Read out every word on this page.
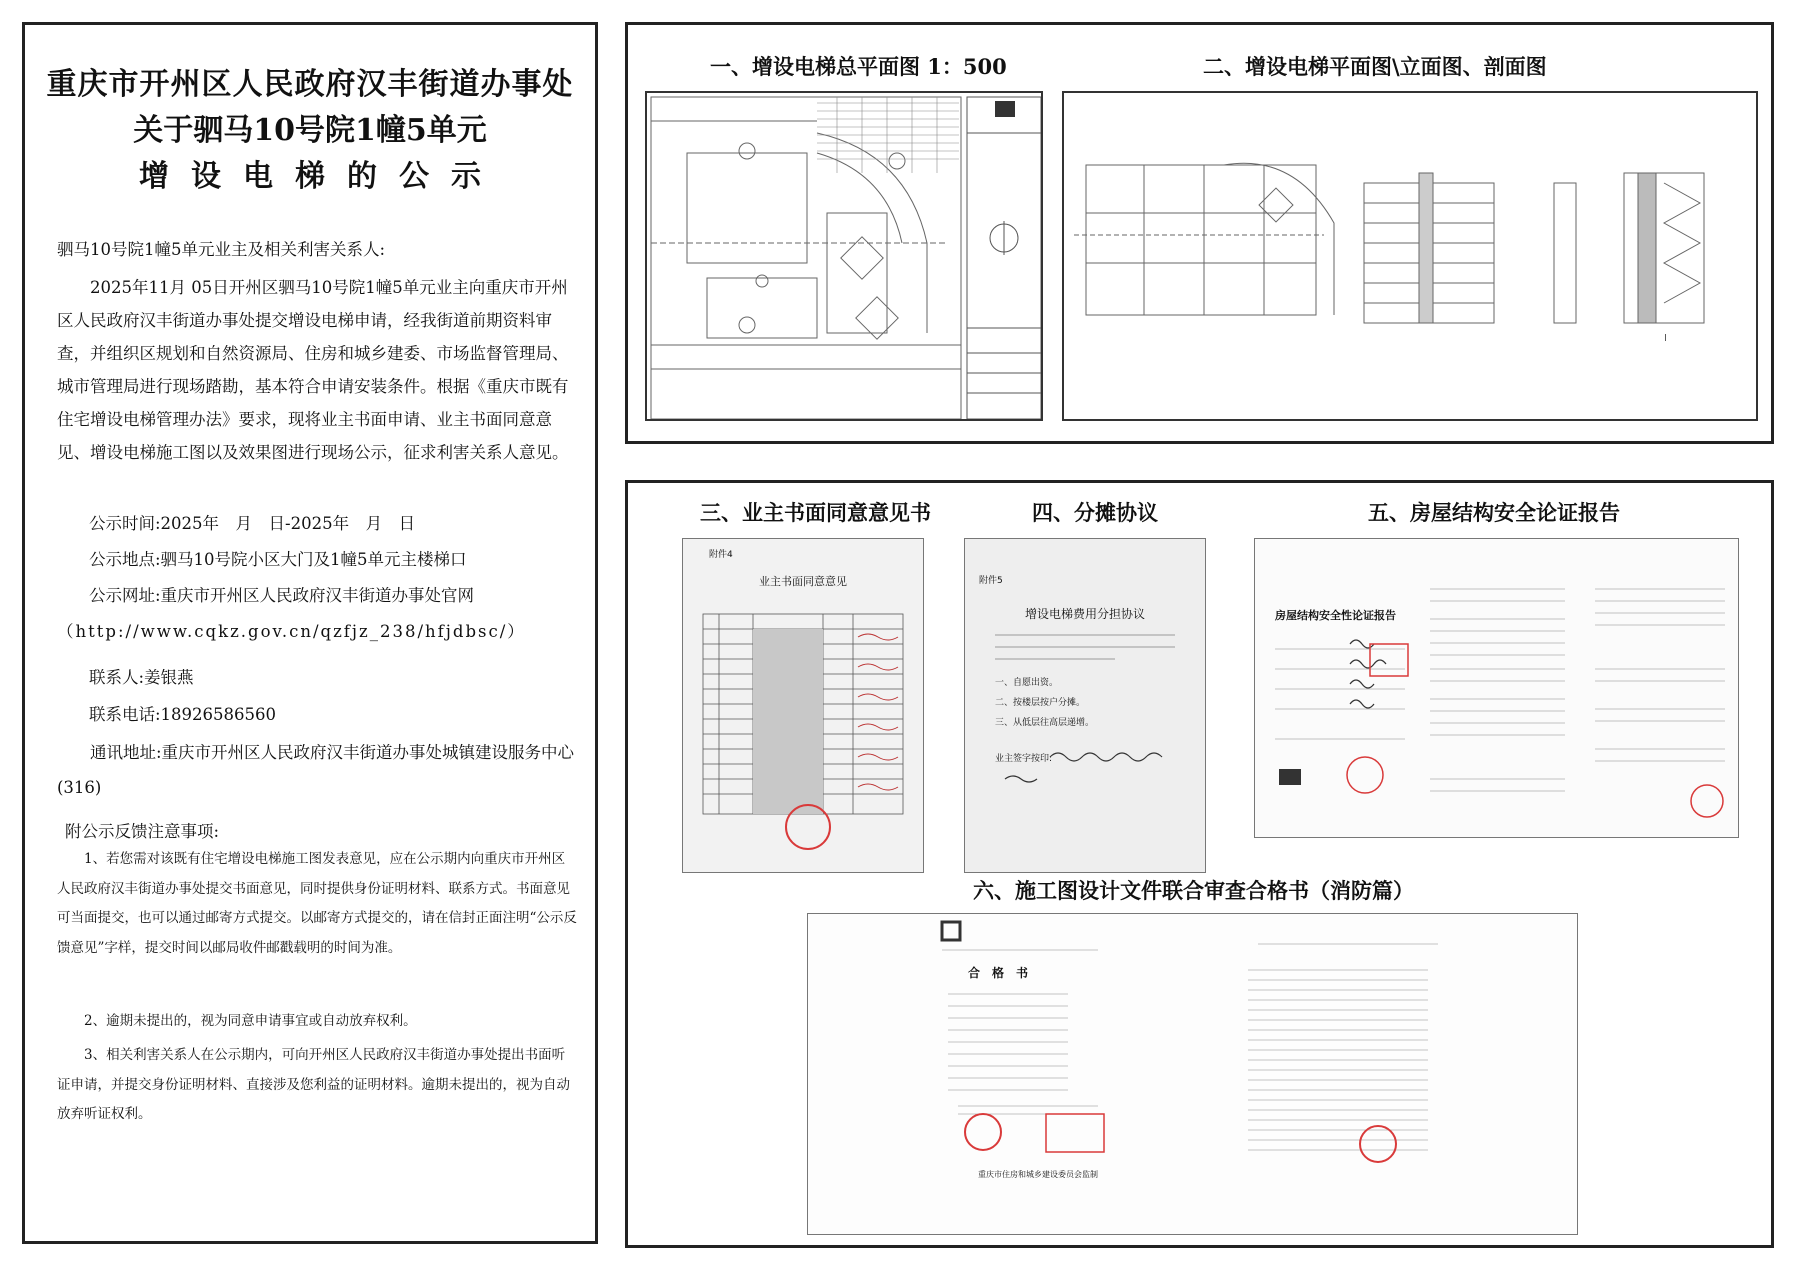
重庆市开州区人民政府汉丰街道办事处
关于驷马10号院1幢5单元
增设电梯的公示
驷马10号院1幢5单元业主及相关利害关系人:
2025年11月 05日开州区驷马10号院1幢5单元业主向重庆市开州区人民政府汉丰街道办事处提交增设电梯申请，经我街道前期资料审查，并组织区规划和自然资源局、住房和城乡建委、市场监督管理局、城市管理局进行现场踏勘，基本符合申请安装条件。根据《重庆市既有住宅增设电梯管理办法》要求，现将业主书面申请、业主书面同意意见、增设电梯施工图以及效果图进行现场公示，征求利害关系人意见。
公示时间:2025年　月　日-2025年　月　日
公示地点:驷马10号院小区大门及1幢5单元主楼梯口
公示网址:重庆市开州区人民政府汉丰街道办事处官网
（http://www.cqkz.gov.cn/qzfjz_238/hfjdbsc/）
联系人:姜银燕
联系电话:18926586560
通讯地址:重庆市开州区人民政府汉丰街道办事处城镇建设服务中心(316)
附公示反馈注意事项:
1、若您需对该既有住宅增设电梯施工图发表意见，应在公示期内向重庆市开州区人民政府汉丰街道办事处提交书面意见，同时提供身份证明材料、联系方式。书面意见可当面提交，也可以通过邮寄方式提交。以邮寄方式提交的，请在信封正面注明“公示反馈意见”字样，提交时间以邮局收件邮戳载明的时间为准。
2、逾期未提出的，视为同意申请事宜或自动放弃权利。
3、相关利害关系人在公示期内，可向开州区人民政府汉丰街道办事处提出书面听证申请，并提交身份证明材料、直接涉及您利益的证明材料。逾期未提出的，视为自动放弃听证权利。
一、增设电梯总平面图 1：500	二、增设电梯平面图\立面图、剖面图
I
三、业主书面同意意见书	四、分摊协议	五、房屋结构安全论证报告
六、施工图设计文件联合审查合格书（消防篇）
附件4
业主书面同意意见	附件5
增设电梯费用分担协议
一、自愿出资。
二、按楼层按户分摊。
三、从低层往高层递增。
业主签字按印:
房屋结构安全性论证报告
合　格　书
重庆市住房和城乡建设委员会监制
